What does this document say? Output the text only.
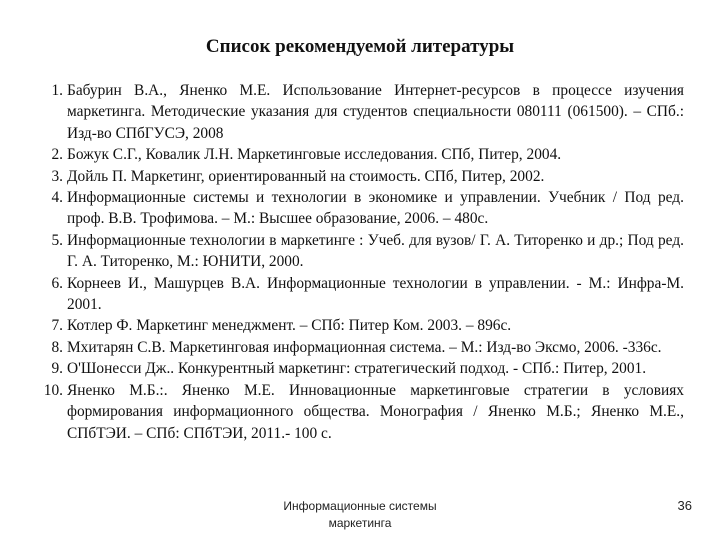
Список рекомендуемой литературы
1. Бабурин В.А., Яненко М.Е. Использование Интернет-ресурсов в процессе изучения маркетинга. Методические указания для студентов специальности 080111 (061500). – СПб.: Изд-во СПбГУСЭ, 2008
2. Божук С.Г., Ковалик Л.Н. Маркетинговые исследования. СПб, Питер, 2004.
3. Дойль П. Маркетинг, ориентированный на стоимость. СПб, Питер, 2002.
4. Информационные системы и технологии в экономике и управлении. Учебник / Под ред. проф. В.В. Трофимова. – М.: Высшее образование, 2006. – 480с.
5. Информационные технологии в маркетинге : Учеб. для вузов/ Г. А. Титоренко и др.; Под ред. Г. А. Титоренко, М.: ЮНИТИ, 2000.
6. Корнеев И., Машурцев В.А. Информационные технологии в управлении. - М.: Инфра-М. 2001.
7. Котлер Ф. Маркетинг менеджмент. – СПб: Питер Ком. 2003. – 896с.
8. Мхитарян С.В. Маркетинговая информационная система. – М.: Изд-во Эксмо, 2006. -336с.
9. О'Шонесси Дж.. Конкурентный маркетинг: стратегический подход. - СПб.: Питер, 2001.
10. Яненко М.Б.:. Яненко М.Е. Инновационные маркетинговые стратегии в условиях формирования информационного общества. Монография / Яненко М.Б.; Яненко М.Е., СПбТЭИ. – СПб: СПбТЭИ, 2011.- 100 с.
Информационные системы
маркетинга
36
